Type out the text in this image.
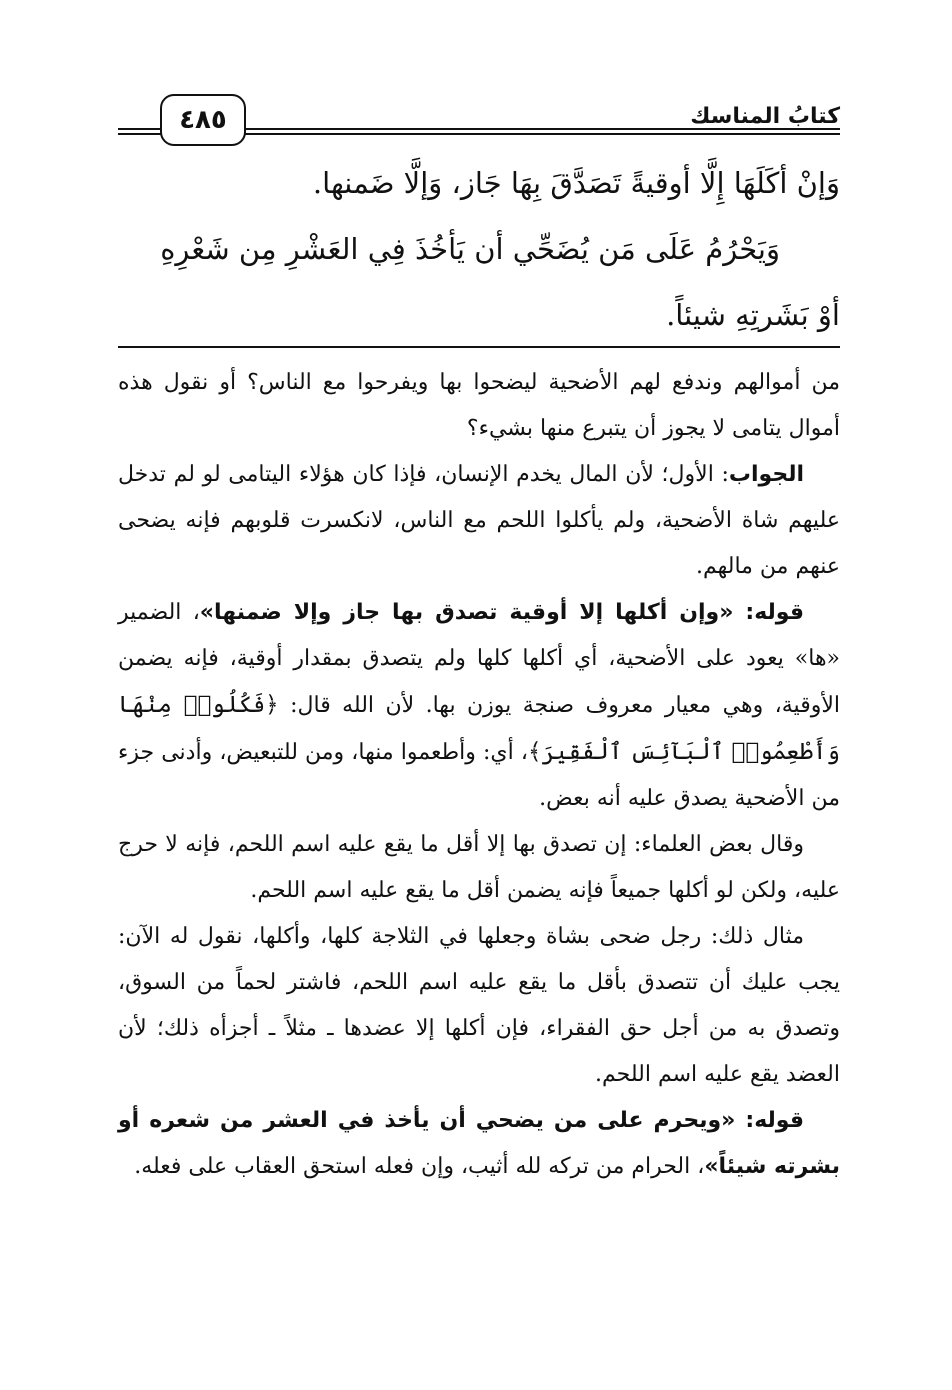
كتابُ المناسك
٤٨٥

وَإنْ أكَلَهَا إِلَّا أوقيةً تَصَدَّقَ بِهَا جَاز، وَإلَّا ضَمنها.

وَيَحْرُمُ عَلَى مَن يُضَحِّي أن يَأخُذَ فِي العَشْرِ مِن شَعْرِهِ

أوْ بَشَرتِهِ شيئاً.

من أموالهم وندفع لهم الأضحية ليضحوا بها ويفرحوا مع الناس؟ أو نقول هذه أموال يتامى لا يجوز أن يتبرع منها بشيء؟

الجواب: الأول؛ لأن المال يخدم الإنسان، فإذا كان هؤلاء اليتامى لو لم تدخل عليهم شاة الأضحية، ولم يأكلوا اللحم مع الناس، لانكسرت قلوبهم فإنه يضحى عنهم من مالهم.

قوله: «وإن أكلها إلا أوقية تصدق بها جاز وإلا ضمنها»، الضمير «ها» يعود على الأضحية، أي أكلها كلها ولم يتصدق بمقدار أوقية، فإنه يضمن الأوقية، وهي معيار معروف صنجة يوزن بها. لأن الله قال: ﴿فَكُلُوا۟ مِنْهَا وَأَطْعِمُوا۟ ٱلْبَآئِسَ ٱلْفَقِيرَ﴾، أي: وأطعموا منها، ومن للتبعيض، وأدنى جزء من الأضحية يصدق عليه أنه بعض.

وقال بعض العلماء: إن تصدق بها إلا أقل ما يقع عليه اسم اللحم، فإنه لا حرج عليه، ولكن لو أكلها جميعاً فإنه يضمن أقل ما يقع عليه اسم اللحم.

مثال ذلك: رجل ضحى بشاة وجعلها في الثلاجة كلها، وأكلها، نقول له الآن: يجب عليك أن تتصدق بأقل ما يقع عليه اسم اللحم، فاشتر لحماً من السوق، وتصدق به من أجل حق الفقراء، فإن أكلها إلا عضدها ـ مثلاً ـ أجزأه ذلك؛ لأن العضد يقع عليه اسم اللحم.

قوله: «ويحرم على من يضحي أن يأخذ في العشر من شعره أو بشرته شيئاً»، الحرام من تركه لله أثيب، وإن فعله استحق العقاب على فعله.
